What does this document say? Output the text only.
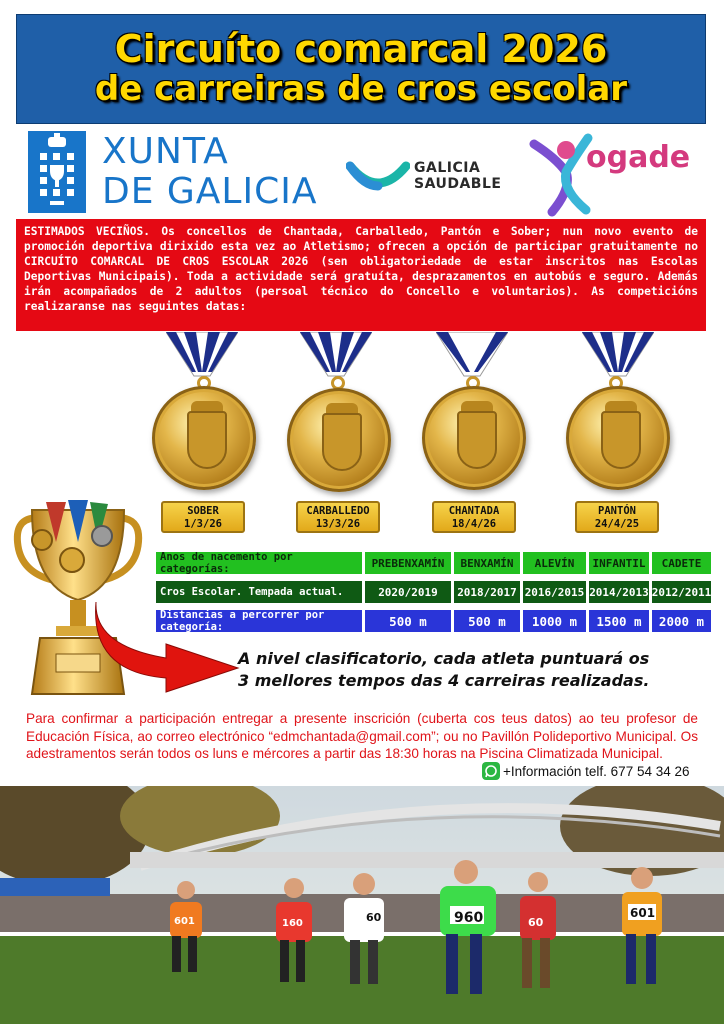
Circuíto comarcal 2026
de carreiras de cros escolar
XUNTA
DE GALICIA
GALICIA
SAUDABLE
ogade
ESTIMADOS VECIÑOS. Os concellos de Chantada, Carballedo, Pantón e Sober; nun novo evento de promoción deportiva dirixido esta vez ao Atletismo; ofrecen a opción de participar gratuitamente no CIRCUÍTO COMARCAL DE CROS ESCOLAR 2026 (sen obligatoriedade de estar inscritos nas Escolas Deportivas Municipais). Toda a actividade será gratuíta, desprazamentos en autobús e seguro. Además irán acompañados de 2 adultos (persoal técnico do Concello e voluntarios). As competicións realizaranse nas seguintes datas:
SOBER
1/3/26
CARBALLEDO
13/3/26
CHANTADA
18/4/26
PANTÓN
24/4/25
Anos de nacemento por categorías:	PREBENXAMÍN	BENXAMÍN	ALEVÍN	INFANTIL	CADETE
Cros Escolar. Tempada actual.	2020/2019	2018/2017 2016/2015 2014/2013 2012/2011
Distancias a percorrer por categoría:	500 m	500 m	1000 m	1500 m	2000 m
A nivel clasificatorio, cada atleta puntuará os
3 mellores tempos das 4 carreiras realizadas.
Para confirmar a participación entregar a presente inscrición (cuberta cos teus datos) ao teu profesor de Educación Física, ao correo electrónico “edmchantada@gmail.com”; ou no Pavillón Polideportivo Municipal. Os adestramentos serán todos os luns e mércores a partir das 18:30 horas na Piscina Climatizada Municipal.
+Información telf. 677 54 34 26
960	601
60
160	60
601
